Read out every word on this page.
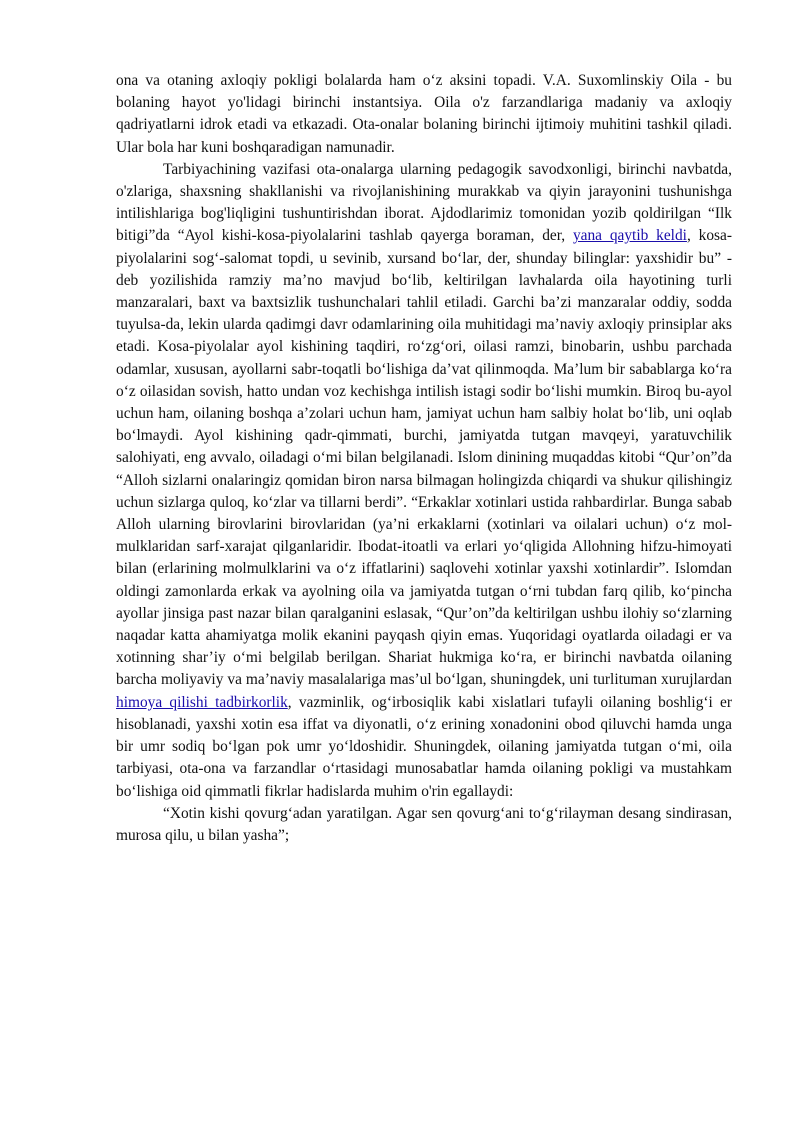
ona va otaning axloqiy pokligi bolalarda ham o‘z aksini topadi. V.A. Suxomlinskiy Oila - bu bolaning hayot yo'lidagi birinchi instantsiya. Oila o'z farzandlariga madaniy va axloqiy qadriyatlarni idrok etadi va etkazadi. Ota-onalar bolaning birinchi ijtimoiy muhitini tashkil qiladi. Ular bola har kuni boshqaradigan namunadir.

Tarbiyachining vazifasi ota-onalarga ularning pedagogik savodxonligi, birinchi navbatda, o'zlariga, shaxsning shakllanishi va rivojlanishining murakkab va qiyin jarayonini tushunishga intilishlariga bog'liqligini tushuntirishdan iborat. Ajdodlarimiz tomonidan yozib qoldirilgan “Ilk bitigi”da “Ayol kishi-kosa-piyolalarini tashlab qayerga boraman, der, yana qaytib keldi, kosa-piyolalarini sog‘-salomat topdi, u sevinib, xursand bo‘lar, der, shunday bilinglar: yaxshidir bu” - deb yozilishida ramziy ma’no mavjud bo‘lib, keltirilgan lavhalarda oila hayotining turli manzaralari, baxt va baxtsizlik tushunchalari tahlil etiladi. Garchi ba’zi manzaralar oddiy, sodda tuyulsa-da, lekin ularda qadimgi davr odamlarining oila muhitidagi ma’naviy axloqiy prinsiplar aks etadi. Kosa-piyolalar ayol kishining taqdiri, ro‘zg‘ori, oilasi ramzi, binobarin, ushbu parchada odamlar, xususan, ayollarni sabr-toqatli bo‘lishiga da’vat qilinmoqda. Ma’lum bir sabablarga ko‘ra o‘z oilasidan sovish, hatto undan voz kechishga intilish istagi sodir bo‘lishi mumkin. Biroq bu-ayol uchun ham, oilaning boshqa a’zolari uchun ham, jamiyat uchun ham salbiy holat bo‘lib, uni oqlab bo‘lmaydi. Ayol kishining qadr-qimmati, burchi, jamiyatda tutgan mavqeyi, yaratuvchilik salohiyati, eng avvalo, oiladagi o‘mi bilan belgilanadi. Islom dinining muqaddas kitobi “Qur’on”da “Alloh sizlarni onalaringiz qomidan biron narsa bilmagan holingizda chiqardi va shukur qilishingiz uchun sizlarga quloq, ko‘zlar va tillarni berdi”. “Erkaklar xotinlari ustida rahbardirlar. Bunga sabab Alloh ularning birovlarini birovlaridan (ya’ni erkaklarni (xotinlari va oilalari uchun) o‘z mol-mulklaridan sarf-xarajat qilganlaridir. Ibodat-itoatli va erlari yo‘qligida Allohning hifzu-himoyati bilan (erlarining molmulklarini va o‘z iffatlarini) saqlovehi xotinlar yaxshi xotinlardir”. Islomdan oldingi zamonlarda erkak va ayolning oila va jamiyatda tutgan o‘rni tubdan farq qilib, ko‘pincha ayollar jinsiga past nazar bilan qaralganini eslasak, “Qur’on”da keltirilgan ushbu ilohiy so‘zlarning naqadar katta ahamiyatga molik ekanini payqash qiyin emas. Yuqoridagi oyatlarda oiladagi er va xotinning shar’iy o‘mi belgilab berilgan. Shariat hukmiga ko‘ra, er birinchi navbatda oilaning barcha moliyaviy va ma’naviy masalalariga mas’ul bo‘lgan, shuningdek, uni turlituman xurujlardan himoya qilishi tadbirkorlik, vazminlik, og‘irbosiqlik kabi xislatlari tufayli oilaning boshlig‘i er hisoblanadi, yaxshi xotin esa iffat va diyonatli, o‘z erining xonadonini obod qiluvchi hamda unga bir umr sodiq bo‘lgan pok umr yo‘ldoshidir. Shuningdek, oilaning jamiyatda tutgan o‘mi, oila tarbiyasi, ota-ona va farzandlar o‘rtasidagi munosabatlar hamda oilaning pokligi va mustahkam bo‘lishiga oid qimmatli fikrlar hadislarda muhim o'rin egallaydi:

“Xotin kishi qovurg‘adan yaratilgan. Agar sen qovurg‘ani to‘g‘rilayman desang sindirasan, murosa qilu, u bilan yasha”;
